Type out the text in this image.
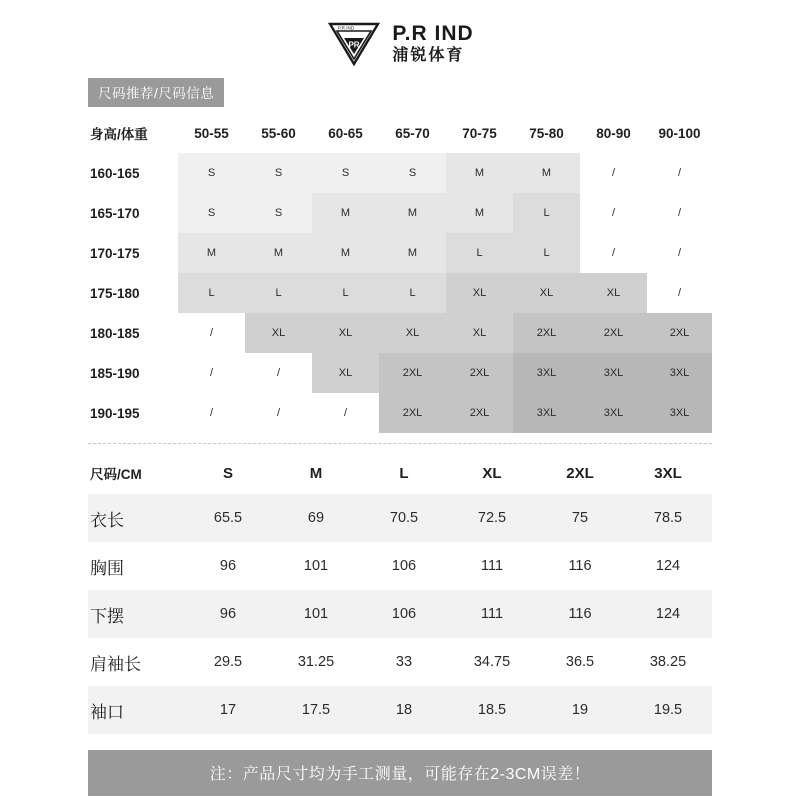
PR
P.R IND P.R IND
浦锐体育
尺码推荐/尺码信息
身高/体重	50-55	55-60	60-65	65-70	70-75	75-80	80-90	90-100
160-165	S	S	S	S	M	M	/	/
165-170	S	S	M	M	M	L	/	/
170-175	M	M	M	M	L	L	/	/
175-180	L	L	L	L	XL	XL	XL	/
180-185	/	XL	XL	XL	XL	2XL	2XL	2XL
185-190	/	/	XL	2XL	2XL	3XL	3XL	3XL
190-195	/	/	/	2XL	2XL	3XL	3XL	3XL
尺码/CM	S	M	L	XL	2XL	3XL
衣长	65.5	69	70.5	72.5	75	78.5
胸围	96	101	106	111	116	124
下摆	96	101	106	111	116	124
肩袖长	29.5	31.25	33	34.75	36.5	38.25
袖口	17	17.5	18	18.5	19	19.5
注：产品尺寸均为手工测量，可能存在2-3CM误差！
